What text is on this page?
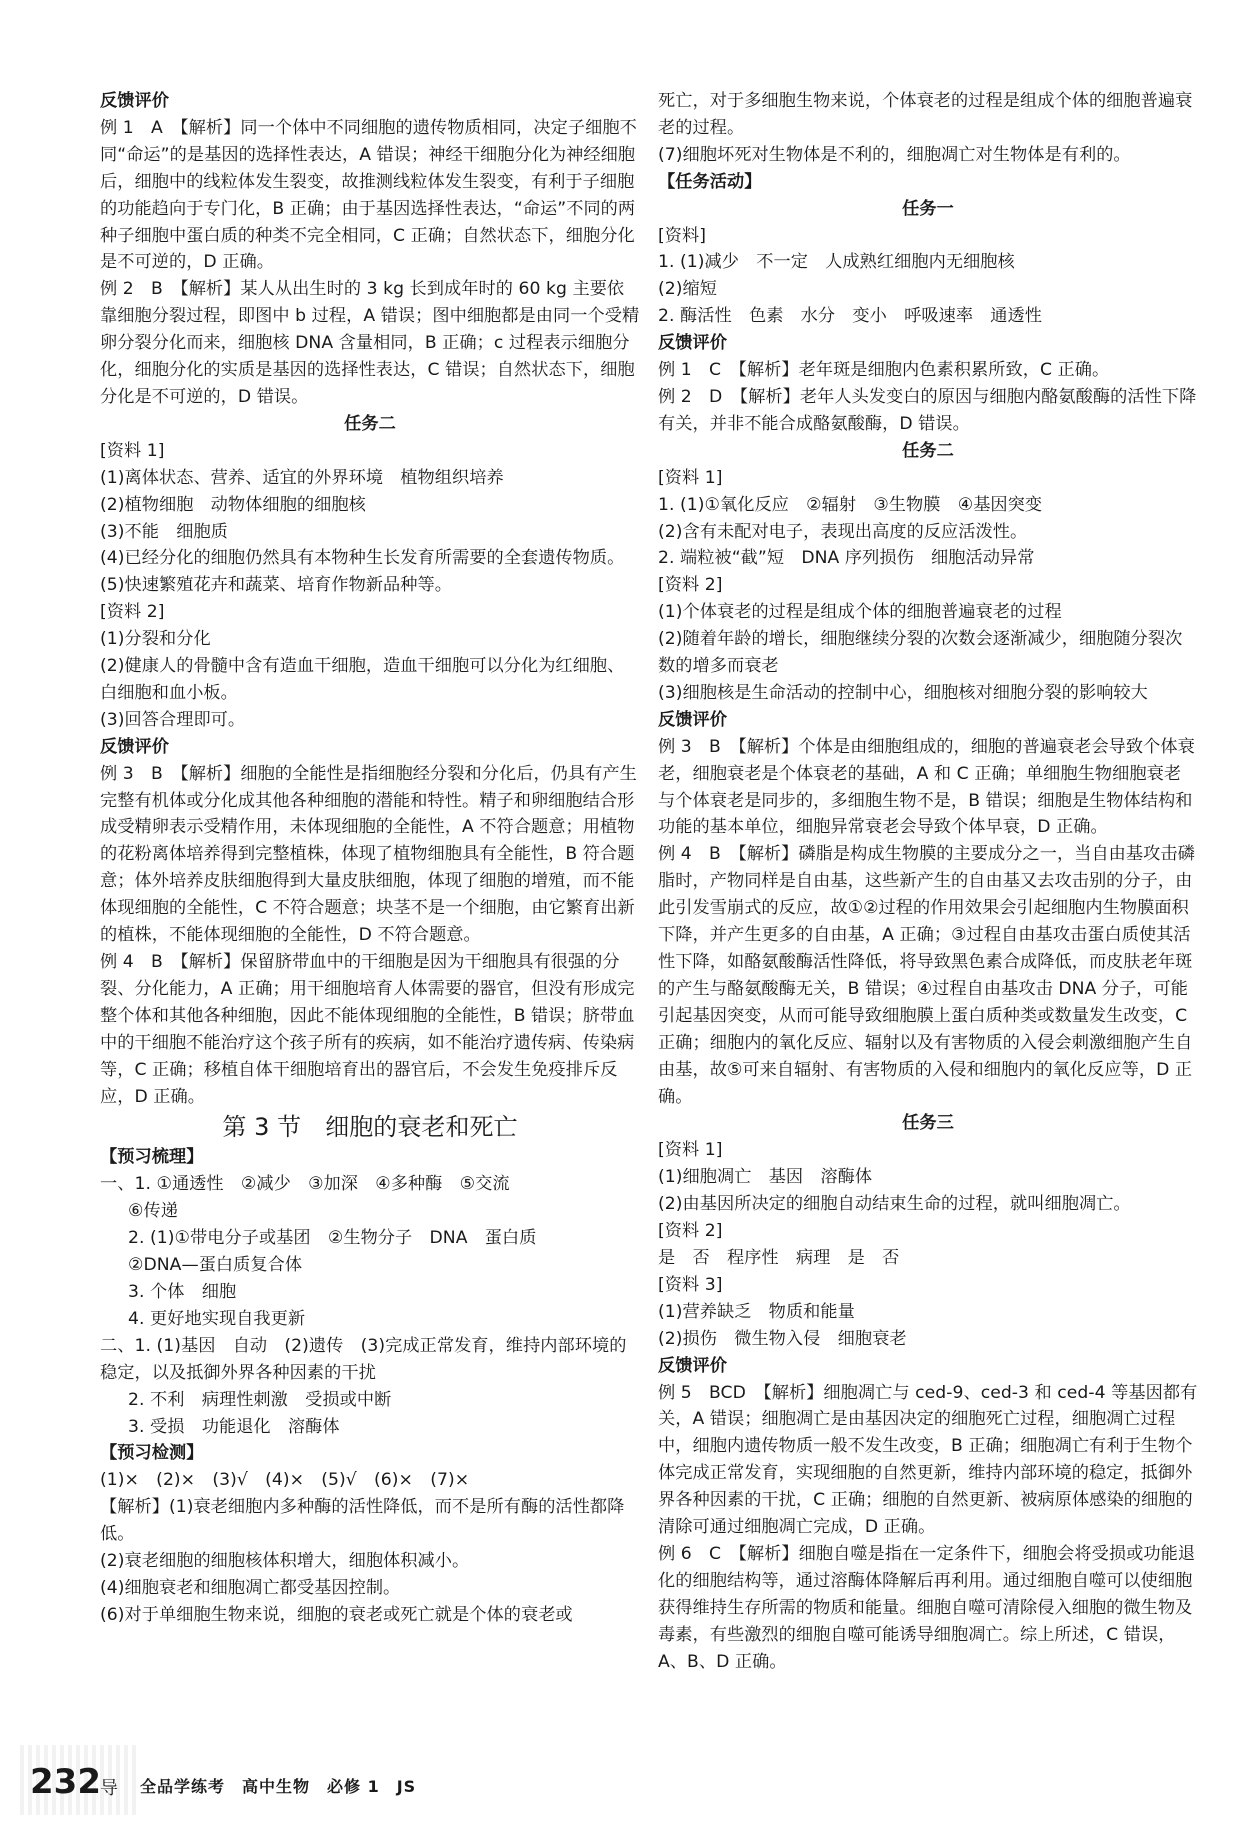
反馈评价

例 1　A　【解析】同一个体中不同细胞的遗传物质相同，决定子细胞不同“命运”的是基因的选择性表达，A 错误；神经干细胞分化为神经细胞后，细胞中的线粒体发生裂变，故推测线粒体发生裂变，有利于子细胞的功能趋向于专门化，B 正确；由于基因选择性表达，“命运”不同的两种子细胞中蛋白质的种类不完全相同，C 正确；自然状态下，细胞分化是不可逆的，D 正确。

例 2　B　【解析】某人从出生时的 3 kg 长到成年时的 60 kg 主要依靠细胞分裂过程，即图中 b 过程，A 错误；图中细胞都是由同一个受精卵分裂分化而来，细胞核 DNA 含量相同，B 正确；c 过程表示细胞分化，细胞分化的实质是基因的选择性表达，C 错误；自然状态下，细胞分化是不可逆的，D 错误。

任务二

[资料 1]

(1)离体状态、营养、适宜的外界环境　植物组织培养

(2)植物细胞　动物体细胞的细胞核

(3)不能　细胞质

(4)已经分化的细胞仍然具有本物种生长发育所需要的全套遗传物质。

(5)快速繁殖花卉和蔬菜、培育作物新品种等。

[资料 2]

(1)分裂和分化

(2)健康人的骨髓中含有造血干细胞，造血干细胞可以分化为红细胞、白细胞和血小板。

(3)回答合理即可。

反馈评价

例 3　B　【解析】细胞的全能性是指细胞经分裂和分化后，仍具有产生完整有机体或分化成其他各种细胞的潜能和特性。精子和卵细胞结合形成受精卵表示受精作用，未体现细胞的全能性，A 不符合题意；用植物的花粉离体培养得到完整植株，体现了植物细胞具有全能性，B 符合题意；体外培养皮肤细胞得到大量皮肤细胞，体现了细胞的增殖，而不能体现细胞的全能性，C 不符合题意；块茎不是一个细胞，由它繁育出新的植株，不能体现细胞的全能性，D 不符合题意。

例 4　B　【解析】保留脐带血中的干细胞是因为干细胞具有很强的分裂、分化能力，A 正确；用干细胞培育人体需要的器官，但没有形成完整个体和其他各种细胞，因此不能体现细胞的全能性，B 错误；脐带血中的干细胞不能治疗这个孩子所有的疾病，如不能治疗遗传病、传染病等，C 正确；移植自体干细胞培育出的器官后，不会发生免疫排斥反应，D 正确。

第 3 节　细胞的衰老和死亡

【预习梳理】

一、1. ①通透性　②减少　③加深　④多种酶　⑤交流

⑥传递

2. (1)①带电分子或基团　②生物分子　DNA　蛋白质

②DNA—蛋白质复合体

3. 个体　细胞

4. 更好地实现自我更新

二、1. (1)基因　自动　(2)遗传　(3)完成正常发育，维持内部环境的稳定，以及抵御外界各种因素的干扰

2. 不利　病理性刺激　受损或中断

3. 受损　功能退化　溶酶体

【预习检测】

(1)×　(2)×　(3)√　(4)×　(5)√　(6)×　(7)×

【解析】(1)衰老细胞内多种酶的活性降低，而不是所有酶的活性都降低。

(2)衰老细胞的细胞核体积增大，细胞体积减小。

(4)细胞衰老和细胞凋亡都受基因控制。

(6)对于单细胞生物来说，细胞的衰老或死亡就是个体的衰老或

死亡，对于多细胞生物来说，个体衰老的过程是组成个体的细胞普遍衰老的过程。

(7)细胞坏死对生物体是不利的，细胞凋亡对生物体是有利的。

【任务活动】

任务一

[资料]

1. (1)减少　不一定　人成熟红细胞内无细胞核

(2)缩短

2. 酶活性　色素　水分　变小　呼吸速率　通透性

反馈评价

例 1　C　【解析】老年斑是细胞内色素积累所致，C 正确。

例 2　D　【解析】老年人头发变白的原因与细胞内酪氨酸酶的活性下降有关，并非不能合成酪氨酸酶，D 错误。

任务二

[资料 1]

1. (1)①氧化反应　②辐射　③生物膜　④基因突变

(2)含有未配对电子，表现出高度的反应活泼性。

2. 端粒被“截”短　DNA 序列损伤　细胞活动异常

[资料 2]

(1)个体衰老的过程是组成个体的细胞普遍衰老的过程

(2)随着年龄的增长，细胞继续分裂的次数会逐渐减少，细胞随分裂次数的增多而衰老

(3)细胞核是生命活动的控制中心，细胞核对细胞分裂的影响较大

反馈评价

例 3　B　【解析】个体是由细胞组成的，细胞的普遍衰老会导致个体衰老，细胞衰老是个体衰老的基础，A 和 C 正确；单细胞生物细胞衰老与个体衰老是同步的，多细胞生物不是，B 错误；细胞是生物体结构和功能的基本单位，细胞异常衰老会导致个体早衰，D 正确。

例 4　B　【解析】磷脂是构成生物膜的主要成分之一，当自由基攻击磷脂时，产物同样是自由基，这些新产生的自由基又去攻击别的分子，由此引发雪崩式的反应，故①②过程的作用效果会引起细胞内生物膜面积下降，并产生更多的自由基，A 正确；③过程自由基攻击蛋白质使其活性下降，如酪氨酸酶活性降低，将导致黑色素合成降低，而皮肤老年斑的产生与酪氨酸酶无关，B 错误；④过程自由基攻击 DNA 分子，可能引起基因突变，从而可能导致细胞膜上蛋白质种类或数量发生改变，C 正确；细胞内的氧化反应、辐射以及有害物质的入侵会刺激细胞产生自由基，故⑤可来自辐射、有害物质的入侵和细胞内的氧化反应等，D 正确。

任务三

[资料 1]

(1)细胞凋亡　基因　溶酶体

(2)由基因所决定的细胞自动结束生命的过程，就叫细胞凋亡。

[资料 2]

是　否　程序性　病理　是　否

[资料 3]

(1)营养缺乏　物质和能量

(2)损伤　微生物入侵　细胞衰老

反馈评价

例 5　BCD　【解析】细胞凋亡与 ced-9、ced-3 和 ced-4 等基因都有关，A 错误；细胞凋亡是由基因决定的细胞死亡过程，细胞凋亡过程中，细胞内遗传物质一般不发生改变，B 正确；细胞凋亡有利于生物个体完成正常发育，实现细胞的自然更新，维持内部环境的稳定，抵御外界各种因素的干扰，C 正确；细胞的自然更新、被病原体感染的细胞的清除可通过细胞凋亡完成，D 正确。

例 6　C　【解析】细胞自噬是指在一定条件下，细胞会将受损或功能退化的细胞结构等，通过溶酶体降解后再利用。通过细胞自噬可以使细胞获得维持生存所需的物质和能量。细胞自噬可清除侵入细胞的微生物及毒素，有些激烈的细胞自噬可能诱导细胞凋亡。综上所述，C 错误，A、B、D 正确。

232 导 全品学练考　高中生物　必修 1　JS
